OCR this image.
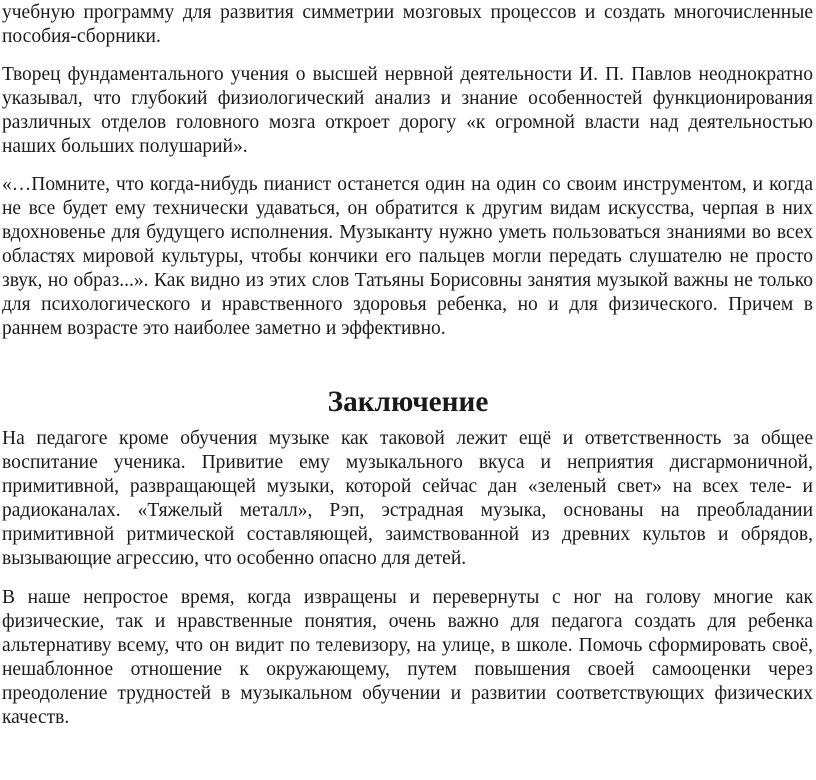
учебную программу для развития симметрии мозговых процессов и создать многочисленные пособия-сборники.

Творец фундаментального учения о высшей нервной деятельности И. П. Павлов неоднократно указывал, что глубокий физиологический анализ и знание особенностей функционирования различных отделов головного мозга откроет дорогу «к огромной власти над деятельностью наших больших полушарий».

«…Помните, что когда-нибудь пианист останется один на один со своим инструментом, и когда не все будет ему технически удаваться, он обратится к другим видам искусства, черпая в них вдохновенье для будущего исполнения. Музыканту нужно уметь пользоваться знаниями во всех областях мировой культуры, чтобы кончики его пальцев могли передать слушателю не просто звук, но образ...». Как видно из этих слов Татьяны Борисовны занятия музыкой важны не только для психологического и нравственного здоровья ребенка, но и для физического. Причем в раннем возрасте это наиболее заметно и эффективно.

Заключение

На педагоге кроме обучения музыке как таковой лежит ещё и ответственность за общее воспитание ученика. Привитие ему музыкального вкуса и неприятия дисгармоничной, примитивной, развращающей музыки, которой сейчас дан «зеленый свет» на всех теле- и радиоканалах. «Тяжелый металл», Рэп, эстрадная музыка, основаны на преобладании примитивной ритмической составляющей, заимствованной из древних культов и обрядов, вызывающие агрессию, что особенно опасно для детей.

В наше непростое время, когда извращены и перевернуты с ног на голову многие как физические, так и нравственные понятия, очень важно для педагога создать для ребенка альтернативу всему, что он видит по телевизору, на улице, в школе. Помочь сформировать своё, нешаблонное отношение к окружающему, путем повышения своей самооценки через преодоление трудностей в музыкальном обучении и развитии соответствующих физических качеств.
